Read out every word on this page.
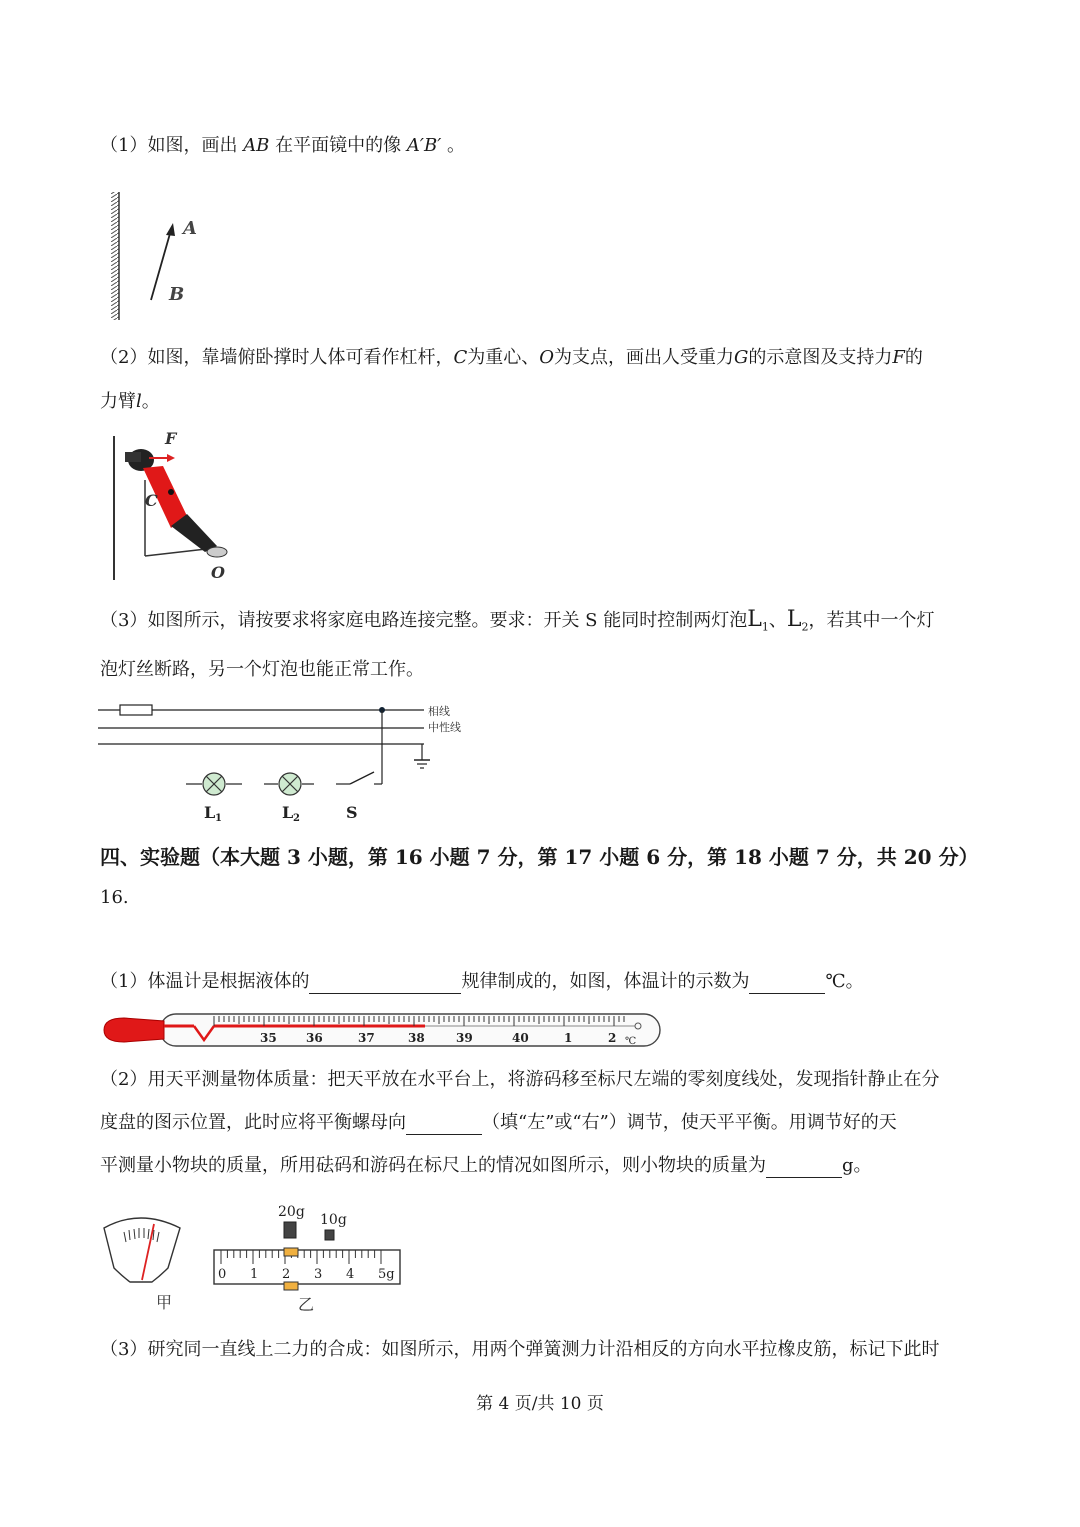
（1）如图，画出 AB 在平面镜中的像 A′B′ 。
A
B
（2）如图，靠墙俯卧撑时人体可看作杠杆，C为重心、O为支点，画出人受重力G的示意图及支持力F的
力臂l。
F
C
O
（3）如图所示，请按要求将家庭电路连接完整。要求：开关 S 能同时控制两灯泡$L_1$、$L_2$，若其中一个灯
泡灯丝断路，另一个灯泡也能正常工作。
相线
中性线
L 1	L 2	S
四、实验题（本大题 3 小题，第 16 小题 7 分，第 17 小题 6 分，第 18 小题 7 分，共 20 分）
16.
（1）体温计是根据液体的	规律制成的，如图，体温计的示数为	℃。
35 36	37	38	39	40	1	2 ℃
（2）用天平测量物体质量：把天平放在水平台上，将游码移至标尺左端的零刻度线处，发现指针静止在分
度盘的图示位置，此时应将平衡螺母向	（填“左”或“右”）调节，使天平平衡。用调节好的天
平测量小物块的质量，所用砝码和游码在标尺上的情况如图所示，则小物块的质量为	g。
甲
20g 10g
0 1 2 3 4 5g
乙
（3）研究同一直线上二力的合成：如图所示，用两个弹簧测力计沿相反的方向水平拉橡皮筋，标记下此时
第 4 页/共 10 页
